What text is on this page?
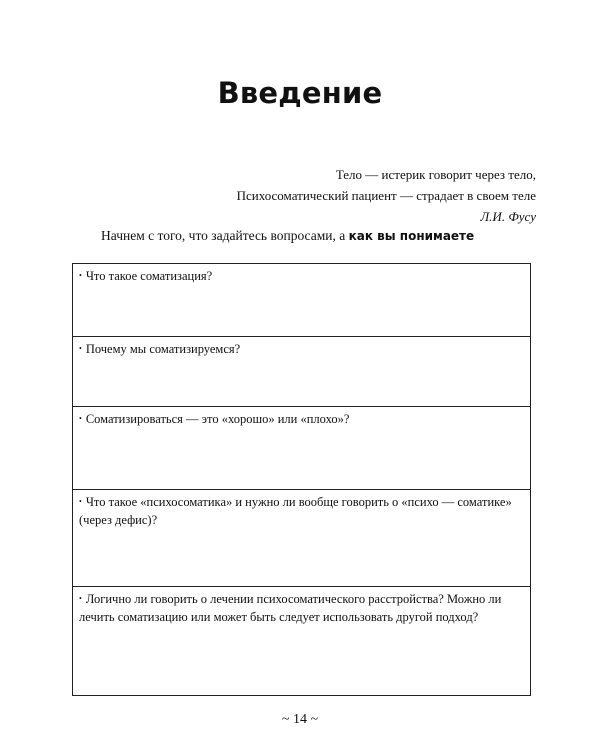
Введение
Тело — истерик говорит через тело,
Психосоматический пациент — страдает в своем теле
Л.И. Фусу
Начнем с того, что задайтесь вопросами, а как вы понимаете
• Что такое соматизация?
• Почему мы соматизируемся?
• Соматизироваться — это «хорошо» или «плохо»?
• Что такое «психосоматика» и нужно ли вообще говорить о «психо — соматике» (через дефис)?
• Логично ли говорить о лечении психосоматического расстройства? Можно ли лечить соматизацию или может быть следует использовать другой подход?
~ 14 ~
